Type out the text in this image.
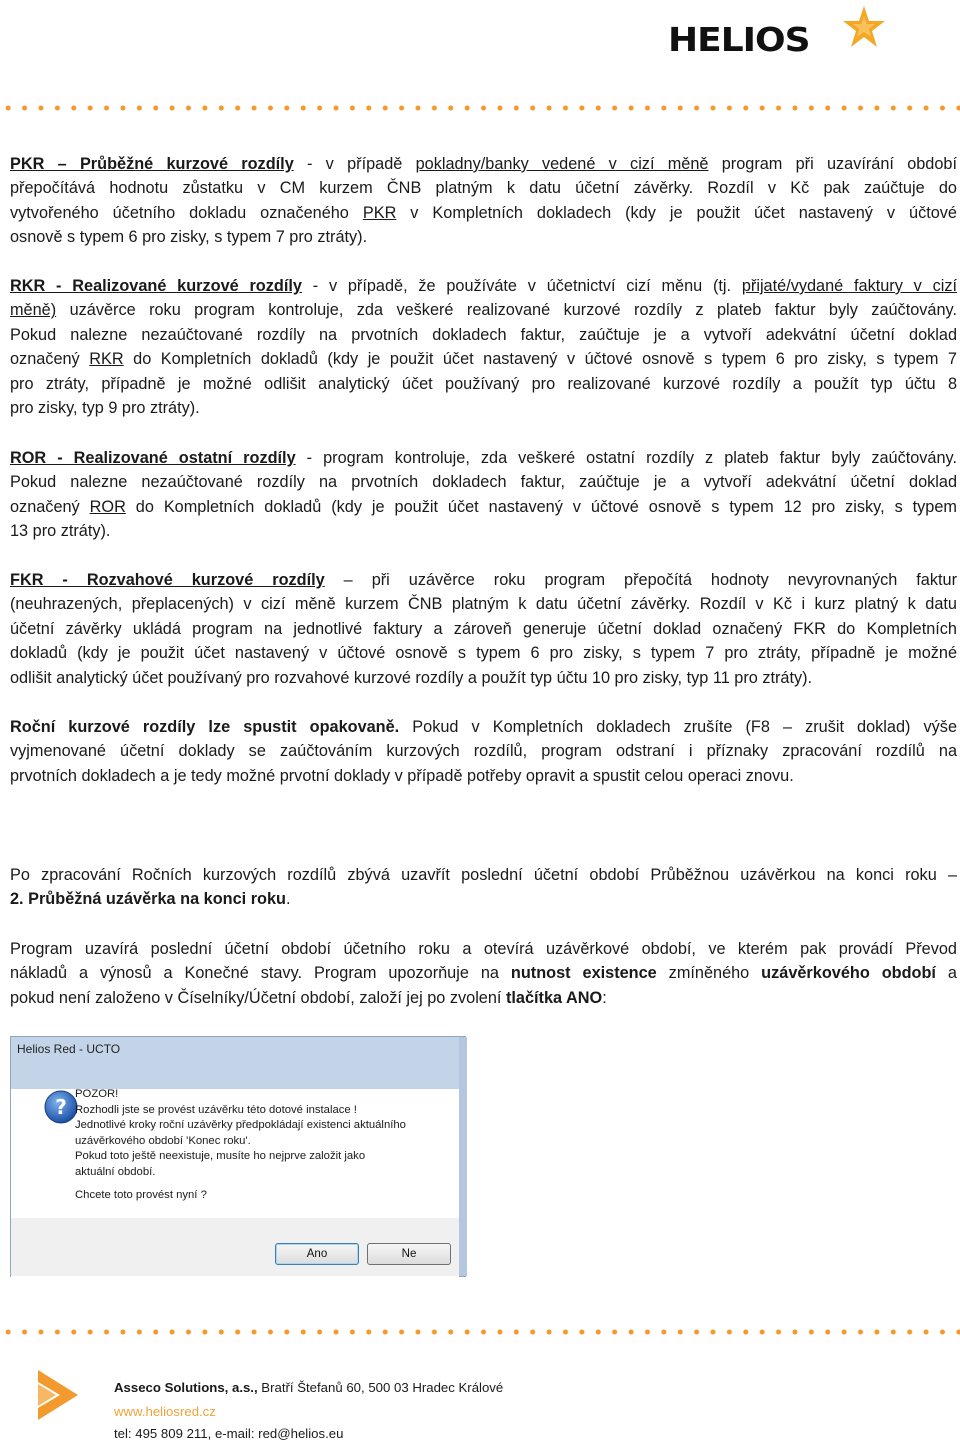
HELIOS
PKR – Průběžné kurzové rozdíly - v případě pokladny/banky vedené v cizí měně program při uzavírání období
přepočítává hodnotu zůstatku v CM kurzem ČNB platným k datu účetní závěrky. Rozdíl v Kč pak zaúčtuje do
vytvořeného účetního dokladu označeného PKR v Kompletních dokladech (kdy je použit účet nastavený v účtové
osnově s typem 6 pro zisky, s typem 7 pro ztráty).
RKR - Realizované kurzové rozdíly - v případě, že používáte v účetnictví cizí měnu (tj. přijaté/vydané faktury v cizí
měně) uzávěrce roku program kontroluje, zda veškeré realizované kurzové rozdíly z plateb faktur byly zaúčtovány.
Pokud nalezne nezaúčtované rozdíly na prvotních dokladech faktur, zaúčtuje je a vytvoří adekvátní účetní doklad
označený RKR do Kompletních dokladů (kdy je použit účet nastavený v účtové osnově s typem 6 pro zisky, s typem 7
pro ztráty, případně je možné odlišit analytický účet používaný pro realizované kurzové rozdíly a použít typ účtu 8
pro zisky, typ 9 pro ztráty).
ROR - Realizované ostatní rozdíly - program kontroluje, zda veškeré ostatní rozdíly z plateb faktur byly zaúčtovány.
Pokud nalezne nezaúčtované rozdíly na prvotních dokladech faktur, zaúčtuje je a vytvoří adekvátní účetní doklad
označený ROR do Kompletních dokladů (kdy je použit účet nastavený v účtové osnově s typem 12 pro zisky, s typem
13 pro ztráty).
FKR - Rozvahové kurzové rozdíly – při uzávěrce roku program přepočítá hodnoty nevyrovnaných faktur
(neuhrazených, přeplacených) v cizí měně kurzem ČNB platným k datu účetní závěrky. Rozdíl v Kč i kurz platný k datu
účetní závěrky ukládá program na jednotlivé faktury a zároveň generuje účetní doklad označený FKR do Kompletních
dokladů (kdy je použit účet nastavený v účtové osnově s typem 6 pro zisky, s typem 7 pro ztráty, případně je možné
odlišit analytický účet používaný pro rozvahové kurzové rozdíly a použít typ účtu 10 pro zisky, typ 11 pro ztráty).
Roční kurzové rozdíly lze spustit opakovaně. Pokud v Kompletních dokladech zrušíte (F8 – zrušit doklad) výše
vyjmenované účetní doklady se zaúčtováním kurzových rozdílů, program odstraní i příznaky zpracování rozdílů na
prvotních dokladech a je tedy možné prvotní doklady v případě potřeby opravit a spustit celou operaci znovu.
Po zpracování Ročních kurzových rozdílů zbývá uzavřít poslední účetní období Průběžnou uzávěrkou na konci roku –
2. Průběžná uzávěrka na konci roku.
Program uzavírá poslední účetní období účetního roku a otevírá uzávěrkové období, ve kterém pak provádí Převod
nákladů a výnosů a Konečné stavy. Program upozorňuje na nutnost existence zmíněného uzávěrkového období a
pokud není založeno v Číselníky/Účetní období, založí jej po zvolení tlačítka ANO:
Helios Red - UCTO
?
POZOR!
Rozhodli jste se provést uzávěrku této dotové instalace !
Jednotlivé kroky roční uzávěrky předpokládají existenci aktuálního
uzávěrkového období 'Konec roku'.
Pokud toto ještě neexistuje, musíte ho nejprve založit jako
aktuální období.
Chcete toto provést nyní ?
Ano	Ne
Asseco Solutions, a.s., Bratří Štefanů 60, 500 03 Hradec Králové
www.heliosred.cz
tel: 495 809 211, e-mail: red@helios.eu
